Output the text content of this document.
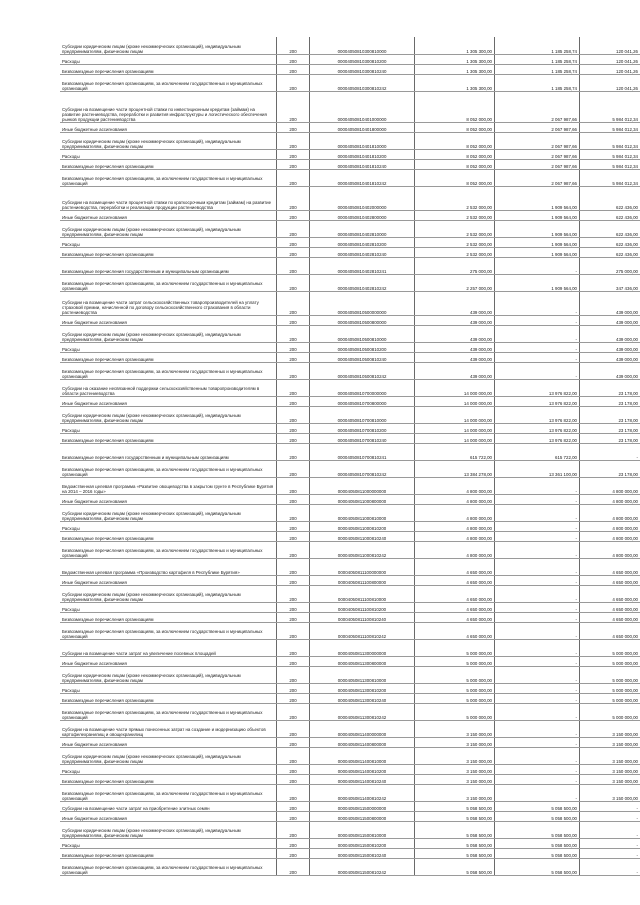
Субсидии юридическим лицам (кроме некоммерческих организаций), индивидуальным предпринимателям, физическим лицам	200	00004050810300810000	1 305 300,00	1 185 258,74	120 041,26
Расходы	200	00004050810300810200	1 305 300,00	1 185 258,74	120 041,26
Безвозмездные перечисления организациям	200	00004050810300810240	1 305 300,00	1 185 258,74	120 041,26
Безвозмездные перечисления организациям, за исключением государственных и муниципальных организаций	200	00004050810300810242	1 305 300,00	1 185 258,74	120 041,26
Субсидии на возмещение части процентной ставки по инвестиционным кредитам (займам) на развитие растениеводства, переработки и развития инфраструктуры и логистического обеспечения рынков продукции растениеводства	200	00004050810401000000	8 052 000,00	2 067 987,66	5 984 012,34
Иные бюджетные ассигнования	200	00004050810401800000	8 052 000,00	2 067 987,66	5 984 012,34
Субсидии юридическим лицам (кроме некоммерческих организаций), индивидуальным предпринимателям, физическим лицам	200	00004050810401810000	8 052 000,00	2 067 987,66	5 984 012,34
Расходы	200	00004050810401810200	8 052 000,00	2 067 987,66	5 984 012,34
Безвозмездные перечисления организациям	200	00004050810401810240	8 052 000,00	2 067 987,66	5 984 012,34
Безвозмездные перечисления организациям, за исключением государственных и муниципальных организаций	200	00004050810401810242	8 052 000,00	2 067 987,66	5 984 012,34
Субсидии на возмещение части процентной ставки по краткосрочным кредитам (займам) на развитие растениеводства, переработки и реализации продукции растениеводства	200	00004050810402000000	2 532 000,00	1 909 564,00	622 436,00
Иные бюджетные ассигнования	200	00004050810402800000	2 532 000,00	1 909 564,00	622 436,00
Субсидии юридическим лицам (кроме некоммерческих организаций), индивидуальным предпринимателям, физическим лицам	200	00004050810402810000	2 532 000,00	1 909 564,00	622 436,00
Расходы	200	00004050810402810200	2 532 000,00	1 909 564,00	622 436,00
Безвозмездные перечисления организациям	200	00004050810402810240	2 532 000,00	1 909 564,00	622 436,00
Безвозмездные перечисления государственным и муниципальным организациям	200	00004050810402810241	275 000,00	-	275 000,00
Безвозмездные перечисления организациям, за исключением государственных и муниципальных организаций	200	00004050810402810242	2 257 000,00	1 909 564,00	347 436,00
Субсидии на возмещение части затрат сельскохозяйственных товаропроизводителей на уплату страховой премии, начисленной по договору сельскохозяйственного страхования в области растениеводства	200	00004050810500000000	439 000,00	-	439 000,00
Иные бюджетные ассигнования	200	00004050810500800000	439 000,00	-	439 000,00
Субсидии юридическим лицам (кроме некоммерческих организаций), индивидуальным предпринимателям, физическим лицам	200	00004050810500810000	439 000,00	-	439 000,00
Расходы	200	00004050810500810200	439 000,00	-	439 000,00
Безвозмездные перечисления организациям	200	00004050810500810240	439 000,00	-	439 000,00
Безвозмездные перечисления организациям, за исключением государственных и муниципальных организаций	200	00004050810500810242	439 000,00	-	439 000,00
Субсидии на оказание несвязанной поддержки сельскохозяйственным товаропроизводителям в области растениеводства	200	00004050810700000000	14 000 000,00	13 976 822,00	23 178,00
Иные бюджетные ассигнования	200	00004050810700800000	14 000 000,00	13 976 822,00	23 178,00
Субсидии юридическим лицам (кроме некоммерческих организаций), индивидуальным предпринимателям, физическим лицам	200	00004050810700810000	14 000 000,00	13 976 822,00	23 178,00
Расходы	200	00004050810700810200	14 000 000,00	13 976 822,00	23 178,00
Безвозмездные перечисления организациям	200	00004050810700810240	14 000 000,00	13 976 822,00	23 178,00
Безвозмездные перечисления государственным и муниципальным организациям	200	00004050810700810241	615 722,00	615 722,00	-
Безвозмездные перечисления организациям, за исключением государственных и муниципальных организаций	200	00004050810700810242	13 384 278,00	13 361 100,00	23 178,00
Ведомственная целевая программа «Развитие овощеводства в закрытом грунте в Республике Бурятия на 2014 – 2016 годы»	200	00004050811000000000	4 800 000,00	-	4 800 000,00
Иные бюджетные ассигнования	200	00004050811000800000	4 800 000,00	-	4 800 000,00
Субсидии юридическим лицам (кроме некоммерческих организаций), индивидуальным предпринимателям, физическим лицам	200	00004050811000810000	4 800 000,00	-	4 800 000,00
Расходы	200	00004050811000810200	4 800 000,00	-	4 800 000,00
Безвозмездные перечисления организациям	200	00004050811000810240	4 800 000,00	-	4 800 000,00
Безвозмездные перечисления организациям, за исключением государственных и муниципальных организаций	200	00004050811000810242	4 800 000,00	-	4 800 000,00
Ведомственная целевая программа «Производство картофеля в Республике Бурятия»	200	00004050811100000000	4 650 000,00	-	4 650 000,00
Иные бюджетные ассигнования	200	00004050811100800000	4 650 000,00	-	4 650 000,00
Субсидии юридическим лицам (кроме некоммерческих организаций), индивидуальным предпринимателям, физическим лицам	200	00004050811100810000	4 650 000,00	-	4 650 000,00
Расходы	200	00004050811100810200	4 650 000,00	-	4 650 000,00
Безвозмездные перечисления организациям	200	00004050811100810240	4 650 000,00	-	4 650 000,00
Безвозмездные перечисления организациям, за исключением государственных и муниципальных организаций	200	00004050811100810242	4 650 000,00	-	4 650 000,00
Субсидии на возмещение части затрат на увеличение посевных площадей	200	00004050811300000000	5 000 000,00	-	5 000 000,00
Иные бюджетные ассигнования	200	00004050811300800000	5 000 000,00	-	5 000 000,00
Субсидии юридическим лицам (кроме некоммерческих организаций), индивидуальным предпринимателям, физическим лицам	200	00004050811300810000	5 000 000,00	-	5 000 000,00
Расходы	200	00004050811300810200	5 000 000,00	-	5 000 000,00
Безвозмездные перечисления организациям	200	00004050811300810240	5 000 000,00	-	5 000 000,00
Безвозмездные перечисления организациям, за исключением государственных и муниципальных организаций	200	00004050811300810242	5 000 000,00	-	5 000 000,00
Субсидии на возмещение части прямых понесенных затрат на создание и модернизацию объектов картофелехранилищ и овощехранилищ	200	00004050811400000000	3 150 000,00	-	3 150 000,00
Иные бюджетные ассигнования	200	00004050811400800000	3 150 000,00	-	3 150 000,00
Субсидии юридическим лицам (кроме некоммерческих организаций), индивидуальным предпринимателям, физическим лицам	200	00004050811400810000	3 150 000,00	-	3 150 000,00
Расходы	200	00004050811400810200	3 150 000,00	-	3 150 000,00
Безвозмездные перечисления организациям	200	00004050811400810240	3 150 000,00	-	3 150 000,00
Безвозмездные перечисления организациям, за исключением государственных и муниципальных организаций	200	00004050811400810242	3 150 000,00	-	3 150 000,00
Субсидии на возмещение части затрат на приобретение элитных семян	200	00004050811500000000	5 058 500,00	5 058 500,00	-
Иные бюджетные ассигнования	200	00004050811500800000	5 058 500,00	5 058 500,00	-
Субсидии юридическим лицам (кроме некоммерческих организаций), индивидуальным предпринимателям, физическим лицам	200	00004050811500810000	5 058 500,00	5 058 500,00	-
Расходы	200	00004050811500810200	5 058 500,00	5 058 500,00	-
Безвозмездные перечисления организациям	200	00004050811500810240	5 058 500,00	5 058 500,00	-
Безвозмездные перечисления организациям, за исключением государственных и муниципальных организаций	200	00004050811500810242	5 058 500,00	5 058 500,00	-
